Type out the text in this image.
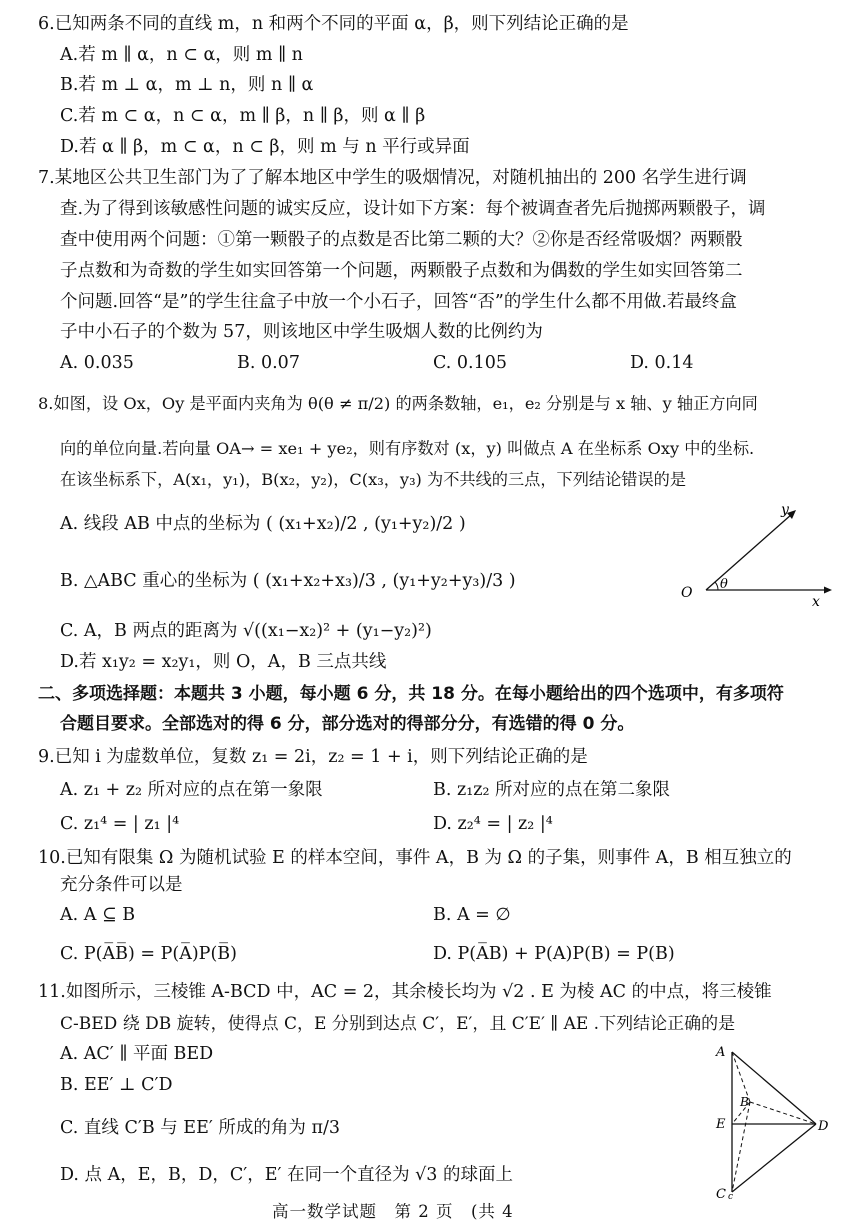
6.已知两条不同的直线 m，n 和两个不同的平面 α，β，则下列结论正确的是
A.若 m ∥ α，n ⊂ α，则 m ∥ n
B.若 m ⊥ α，m ⊥ n，则 n ∥ α
C.若 m ⊂ α，n ⊂ α，m ∥ β，n ∥ β，则 α ∥ β
D.若 α ∥ β，m ⊂ α，n ⊂ β，则 m 与 n 平行或异面
7.某地区公共卫生部门为了了解本地区中学生的吸烟情况，对随机抽出的 200 名学生进行调
查.为了得到该敏感性问题的诚实反应，设计如下方案：每个被调查者先后抛掷两颗骰子，调
查中使用两个问题：①第一颗骰子的点数是否比第二颗的大？②你是否经常吸烟？两颗骰
子点数和为奇数的学生如实回答第一个问题，两颗骰子点数和为偶数的学生如实回答第二
个问题.回答“是”的学生往盒子中放一个小石子，回答“否”的学生什么都不用做.若最终盒
子中小石子的个数为 57，则该地区中学生吸烟人数的比例约为
A. 0.035	B. 0.07	C. 0.105	D. 0.14
8.如图，设 Ox，Oy 是平面内夹角为 θ(θ ≠ π/2) 的两条数轴，e₁，e₂ 分别是与 x 轴、y 轴正方向同
向的单位向量.若向量 OA→ = xe₁ + ye₂，则有序数对 (x，y) 叫做点 A 在坐标系 Oxy 中的坐标.
在该坐标系下，A(x₁，y₁)，B(x₂，y₂)，C(x₃，y₃) 为不共线的三点，下列结论错误的是
A. 线段 AB 中点的坐标为 ( (x₁+x₂)/2 , (y₁+y₂)/2 )
B. △ABC 重心的坐标为 ( (x₁+x₂+x₃)/3 , (y₁+y₂+y₃)/3 )
C. A，B 两点的距离为 √((x₁−x₂)² + (y₁−y₂)²)
D.若 x₁y₂ = x₂y₁，则 O，A，B 三点共线
O
x
y
θ
二、多项选择题：本题共 3 小题，每小题 6 分，共 18 分。在每小题给出的四个选项中，有多项符
合题目要求。全部选对的得 6 分，部分选对的得部分分，有选错的得 0 分。
9.已知 i 为虚数单位，复数 z₁ = 2i，z₂ = 1 + i，则下列结论正确的是
A. z₁ + z₂ 所对应的点在第一象限	B. z₁z₂ 所对应的点在第二象限
C. z₁⁴ = | z₁ |⁴	D. z₂⁴ = | z₂ |⁴
10.已知有限集 Ω 为随机试验 E 的样本空间，事件 A，B 为 Ω 的子集，则事件 A，B 相互独立的
充分条件可以是
A. A ⊆ B	B. A = ∅
C. P(A̅B̅) = P(A̅)P(B̅)	D. P(A̅B) + P(A)P(B) = P(B)
11.如图所示，三棱锥 A-BCD 中，AC = 2，其余棱长均为 √2 . E 为棱 AC 的中点，将三棱锥
C-BED 绕 DB 旋转，使得点 C，E 分别到达点 C′，E′，且 C′E′ ∥ AE .下列结论正确的是
A. AC′ ∥ 平面 BED
B. EE′ ⊥ C′D
C. 直线 C′B 与 EE′ 所成的角为 π/3
D. 点 A，E，B，D，C′，E′ 在同一个直径为 √3 的球面上
A
B
E	D
C c
高一数学试题　第 2 页　(共 4
